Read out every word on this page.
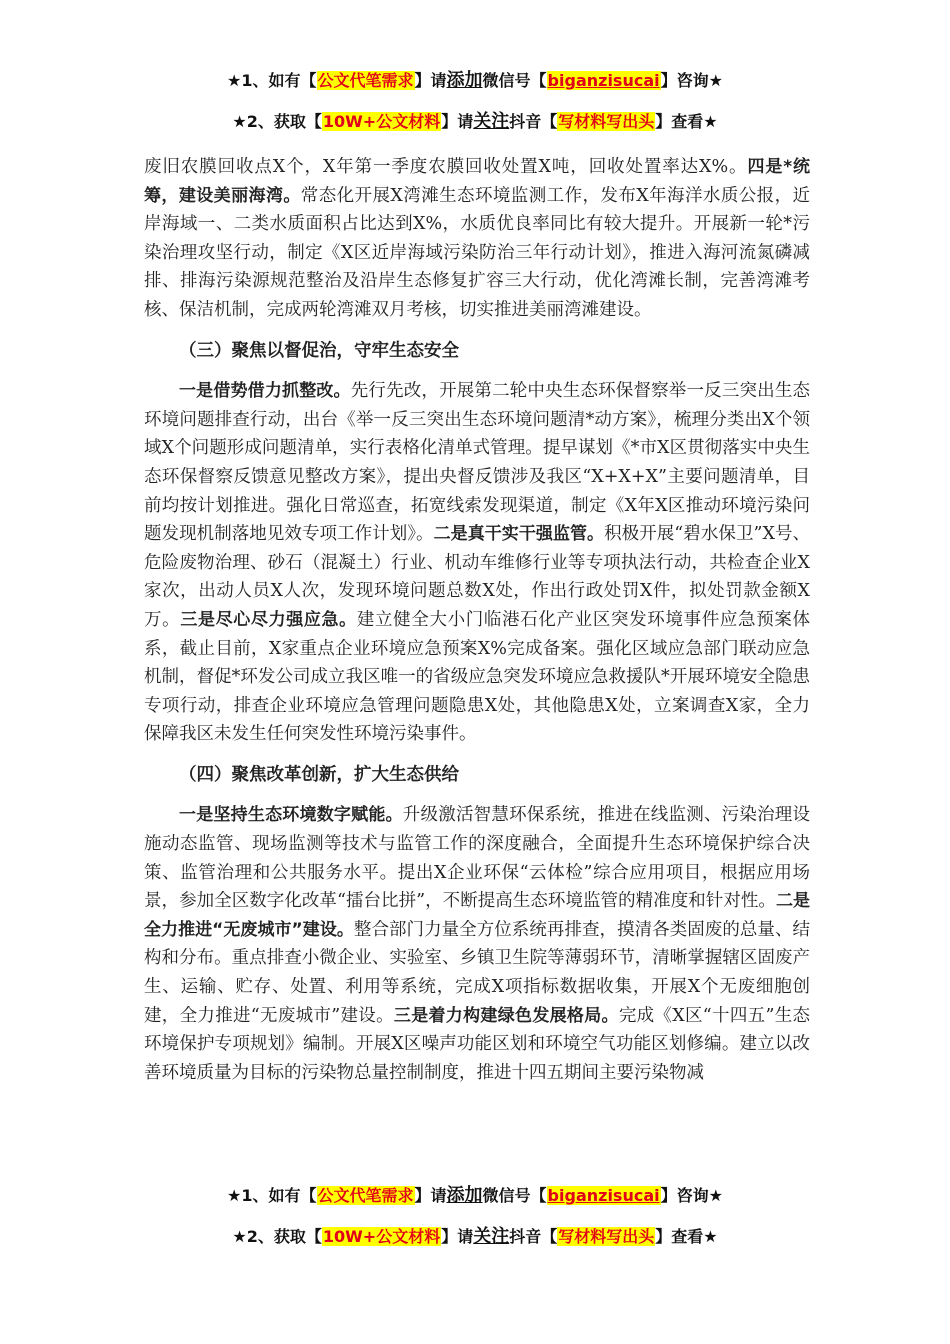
★1、如有【公文代笔需求】请添加微信号【biganzisucai】咨询★
★2、获取【10W+公文材料】请关注抖音【写材料写出头】查看★

废旧农膜回收点X个，X年第一季度农膜回收处置X吨，回收处置率达X%。四是*统筹，建设美丽海湾。常态化开展X湾滩生态环境监测工作，发布X年海洋水质公报，近岸海域一、二类水质面积占比达到X%，水质优良率同比有较大提升。开展新一轮*污染治理攻坚行动，制定《X区近岸海域污染防治三年行动计划》，推进入海河流氮磷减排、排海污染源规范整治及沿岸生态修复扩容三大行动，优化湾滩长制，完善湾滩考核、保洁机制，完成两轮湾滩双月考核，切实推进美丽湾滩建设。

（三）聚焦以督促治，守牢生态安全

一是借势借力抓整改。先行先改，开展第二轮中央生态环保督察举一反三突出生态环境问题排查行动，出台《举一反三突出生态环境问题清*动方案》，梳理分类出X个领域X个问题形成问题清单，实行表格化清单式管理。提早谋划《*市X区贯彻落实中央生态环保督察反馈意见整改方案》，提出央督反馈涉及我区“X+X+X”主要问题清单，目前均按计划推进。强化日常巡查，拓宽线索发现渠道，制定《X年X区推动环境污染问题发现机制落地见效专项工作计划》。二是真干实干强监管。积极开展“碧水保卫”X号、危险废物治理、砂石（混凝土）行业、机动车维修行业等专项执法行动，共检查企业X家次，出动人员X人次，发现环境问题总数X处，作出行政处罚X件，拟处罚款金额X万。三是尽心尽力强应急。建立健全大小门临港石化产业区突发环境事件应急预案体系，截止目前，X家重点企业环境应急预案X%完成备案。强化区域应急部门联动应急机制，督促*环发公司成立我区唯一的省级应急突发环境应急救援队*开展环境安全隐患专项行动，排查企业环境应急管理问题隐患X处，其他隐患X处，立案调查X家，全力保障我区未发生任何突发性环境污染事件。

（四）聚焦改革创新，扩大生态供给

一是坚持生态环境数字赋能。升级激活智慧环保系统，推进在线监测、污染治理设施动态监管、现场监测等技术与监管工作的深度融合，全面提升生态环境保护综合决策、监管治理和公共服务水平。提出X企业环保“云体检”综合应用项目，根据应用场景，参加全区数字化改革“擂台比拼”，不断提高生态环境监管的精准度和针对性。二是全力推进“无废城市”建设。整合部门力量全方位系统再排查，摸清各类固废的总量、结构和分布。重点排查小微企业、实验室、乡镇卫生院等薄弱环节，清晰掌握辖区固废产生、运输、贮存、处置、利用等系统，完成X项指标数据收集，开展X个无废细胞创建，全力推进“无废城市”建设。三是着力构建绿色发展格局。完成《X区“十四五”生态环境保护专项规划》编制。开展X区噪声功能区划和环境空气功能区划修编。建立以改善环境质量为目标的污染物总量控制制度，推进十四五期间主要污染物减

★1、如有【公文代笔需求】请添加微信号【biganzisucai】咨询★
★2、获取【10W+公文材料】请关注抖音【写材料写出头】查看★
